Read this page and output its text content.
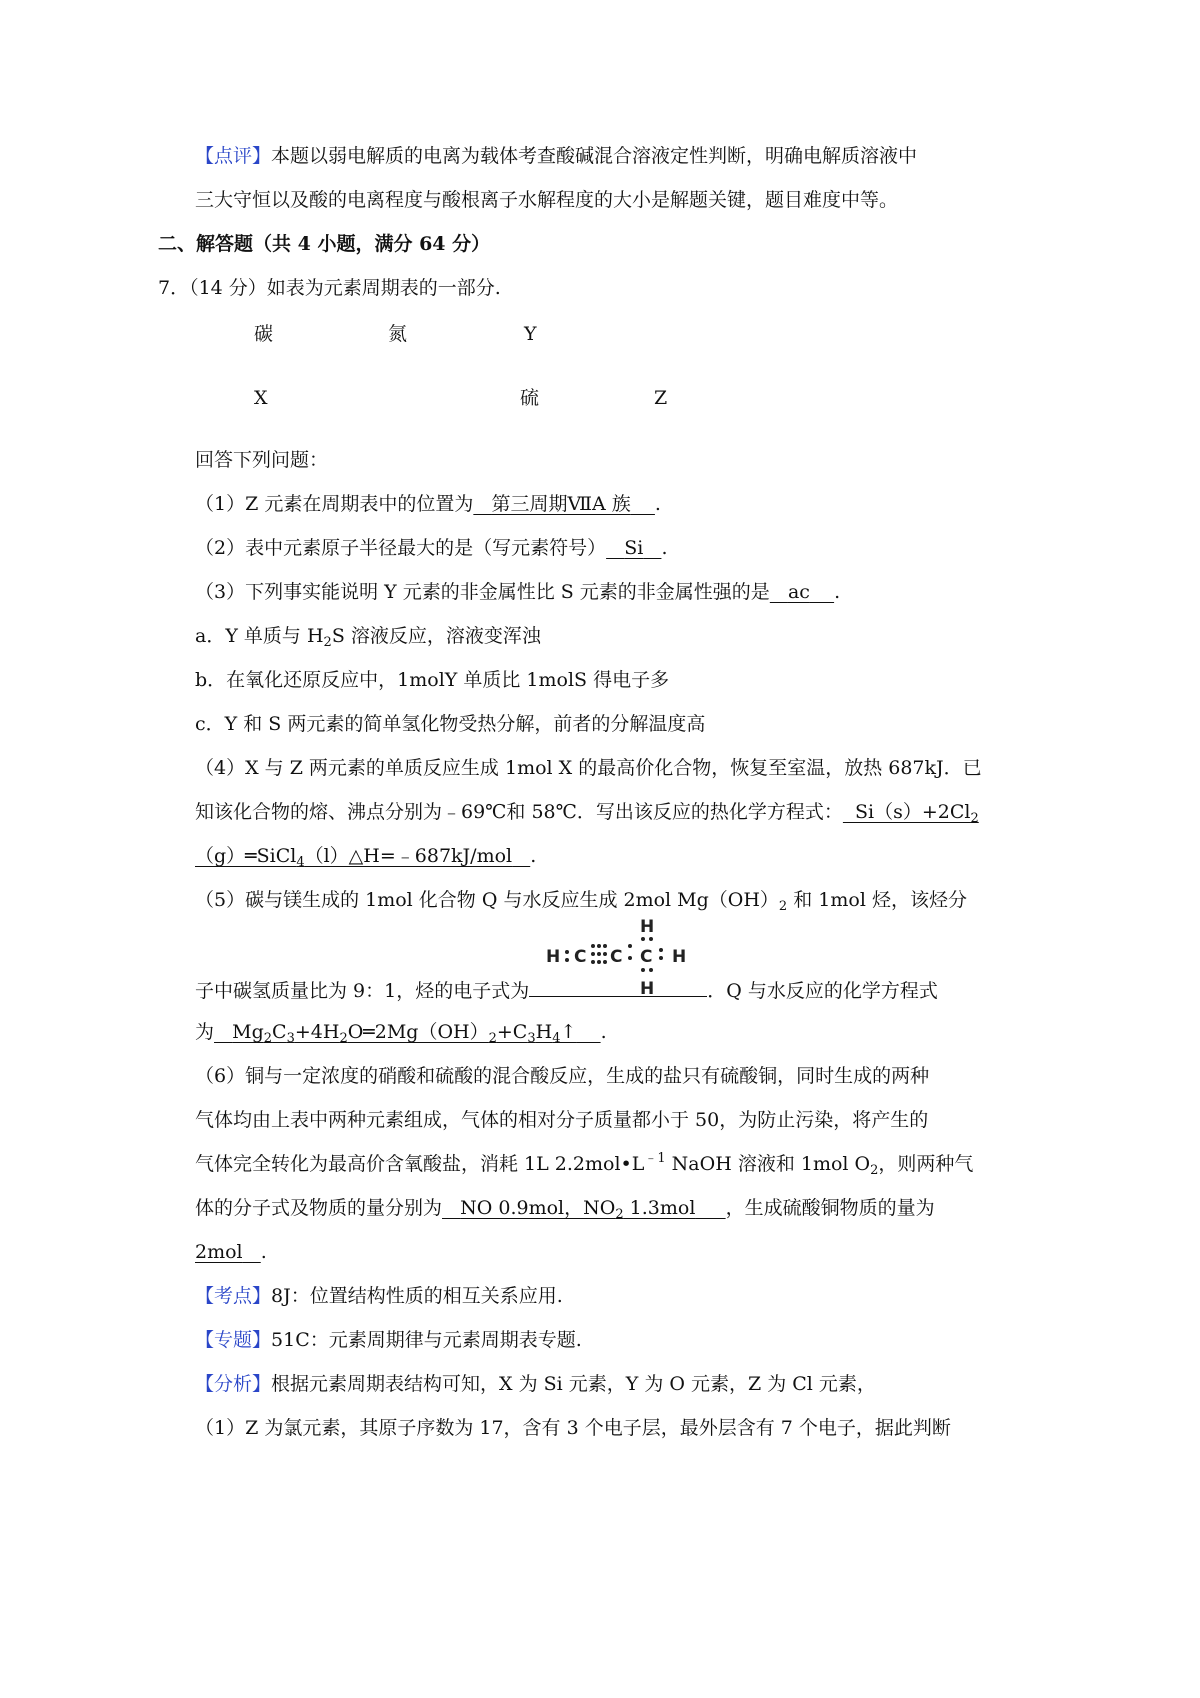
【点评】本题以弱电解质的电离为载体考查酸碱混合溶液定性判断，明确电解质溶液中
三大守恒以及酸的电离程度与酸根离子水解程度的大小是解题关键，题目难度中等。
二、解答题（共 4 小题，满分 64 分）
7．（14 分）如表为元素周期表的一部分.
碳	氮	Y
X	硫	Z
回答下列问题：
（1）Z 元素在周期表中的位置为 第三周期ⅦA 族 .
（2）表中元素原子半径最大的是（写元素符号） Si .
（3）下列事实能说明 Y 元素的非金属性比 S 元素的非金属性强的是 ac .
a．Y 单质与 $H_2S$ 溶液反应，溶液变浑浊
b．在氧化还原反应中，1molY 单质比 1molS 得电子多
c．Y 和 S 两元素的简单氢化物受热分解，前者的分解温度高
（4）X 与 Z 两元素的单质反应生成 1mol X 的最高价化合物，恢复至室温，放热 687kJ．已
知该化合物的熔、沸点分别为﹣69℃和 58℃．写出该反应的热化学方程式： $Si(s)+2Cl_2$
（g）═SiCl$_4$（l）△H=﹣687kJ/mol .
（5）碳与镁生成的 1mol 化合物 Q 与水反应生成 2mol $Mg(OH)_2$ 和 1mol 烃，该烃分
H C C C H
H
H
子中碳氢质量比为 9：1，烃的电子式为	．Q 与水反应的化学方程式
为 $Mg_2C_3+4H_2O═2Mg(OH)_2+C_3H_4↑$ .
（6）铜与一定浓度的硝酸和硫酸的混合酸反应，生成的盐只有硫酸铜，同时生成的两种
气体均由上表中两种元素组成，气体的相对分子质量都小于 50，为防止污染，将产生的
气体完全转化为最高价含氧酸盐，消耗 1L $2.2mol•L^{﹣1}$ NaOH 溶液和 1mol $O_2$，则两种气
体的分子式及物质的量分别为 NO 0.9mol，$NO_2$ 1.3mol ，生成硫酸铜物质的量为
2mol .
【考点】8J：位置结构性质的相互关系应用.
【专题】51C：元素周期律与元素周期表专题.
【分析】根据元素周期表结构可知，X 为 Si 元素，Y 为 O 元素，Z 为 Cl 元素，
（1）Z 为氯元素，其原子序数为 17，含有 3 个电子层，最外层含有 7 个电子，据此判断
